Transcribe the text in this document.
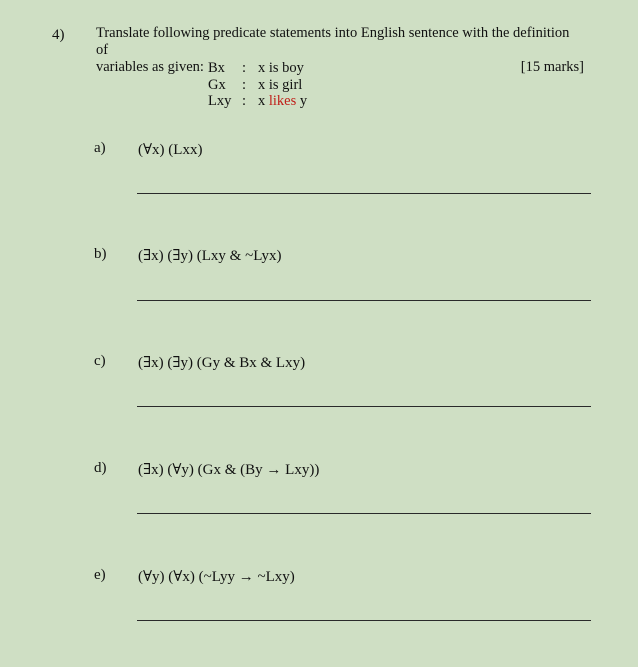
4) Translate following predicate statements into English sentence with the definition of
variables as given:	[15 marks]
Bx	: x is boy
Gx	: x is girl
Lxy : x likes y
a) (∀x) (Lxx)
b) (∃x) (∃y) (Lxy & ~Lyx)
c) (∃x) (∃y) (Gy & Bx & Lxy)
d) (∃x) (∀y) (Gx & (By → Lxy))
e) (∀y) (∀x) (~Lyy → ~Lxy)
